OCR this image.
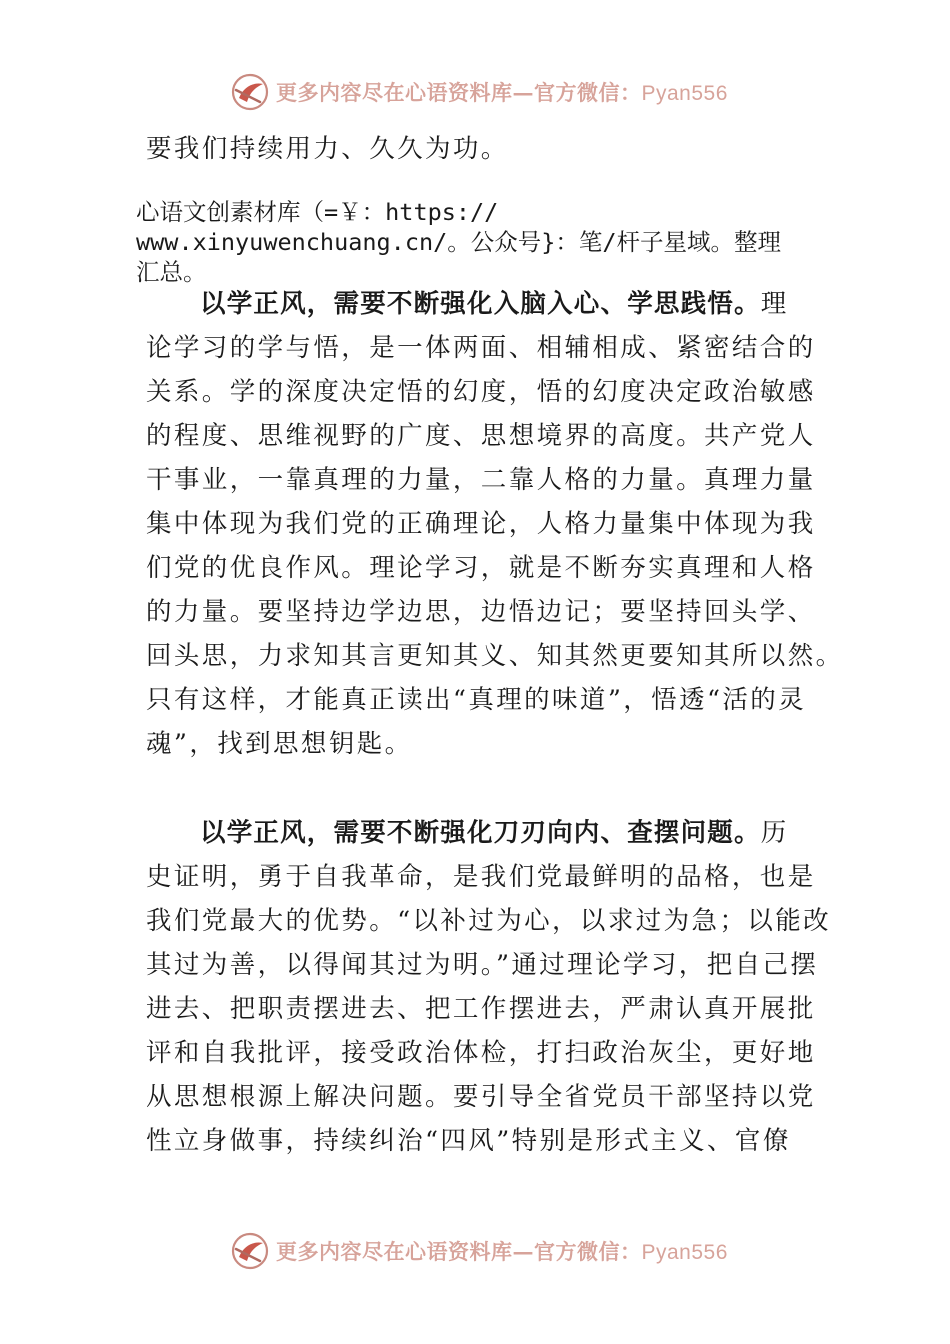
更多内容尽在心语资料库—官方微信：Pyan556
要我们持续用力、久久为功。
心语文创素材库（=￥：https://
www.xinyuwenchuang.cn/。公众号}：笔/杆子星域。整理
汇总。
以学正风，需要不断强化入脑入心、学思践悟。理
论学习的学与悟，是一体两面、相辅相成、紧密结合的
关系。学的深度决定悟的幻度，悟的幻度决定政治敏感
的程度、思维视野的广度、思想境界的高度。共产党人
干事业，一靠真理的力量，二靠人格的力量。真理力量
集中体现为我们党的正确理论，人格力量集中体现为我
们党的优良作风。理论学习，就是不断夯实真理和人格
的力量。要坚持边学边思，边悟边记；要坚持回头学、
回头思，力求知其言更知其义、知其然更要知其所以然。
只有这样，才能真正读出“真理的味道”，悟透“活的灵
魂”，找到思想钥匙。
以学正风，需要不断强化刀刃向内、查摆问题。历
史证明，勇于自我革命，是我们党最鲜明的品格，也是
我们党最大的优势。“以补过为心，以求过为急；以能改
其过为善，以得闻其过为明。”通过理论学习，把自己摆
进去、把职责摆进去、把工作摆进去，严肃认真开展批
评和自我批评，接受政治体检，打扫政治灰尘，更好地
从思想根源上解决问题。要引导全省党员干部坚持以党
性立身做事，持续纠治“四风”特别是形式主义、官僚
更多内容尽在心语资料库—官方微信：Pyan556
